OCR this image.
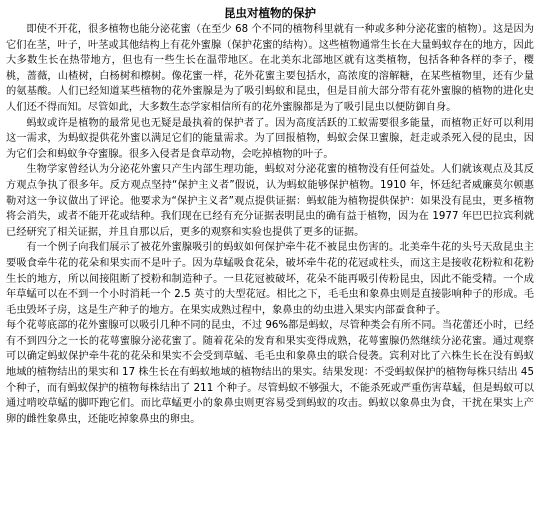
昆虫对植物的保护

即使不开花，很多植物也能分泌花蜜（在至少 68 个不同的植物科里就有一种或多种分泌花蜜的植物）。这是因为它们在茎，叶子，叶茎或其他结构上有花外蜜腺（保护花蜜的结构）。这些植物通常生长在大量蚂蚁存在的地方，因此大多数生长在热带地方，但也有一些生长在温带地区。在北美东北部地区就有这类植物，包括各种各样的李子，樱桃，蔷薇，山楂树，白杨树和檫树。像花蜜一样，花外花蜜主要包括水，高浓度的溶解糖，在某些植物里，还有少量的氨基酸。人们已经知道某些植物的花外蜜腺是为了吸引蚂蚁和昆虫，但是目前大部分带有花外蜜腺的植物的进化史人们还不得而知。尽管如此，大多数生态学家相信所有的花外蜜腺都是为了吸引昆虫以便防御自身。

蚂蚁或许是植物的最常见也无疑是最执着的保护者了。因为高度活跃的工蚁需要很多能量，而植物正好可以利用这一需求，为蚂蚁提供花外蜜以满足它们的能量需求。为了回报植物，蚂蚁会保卫蜜腺，赶走或杀死入侵的昆虫，因为它们会和蚂蚁争夺蜜腺。很多入侵者是食草动物，会吃掉植物的叶子。

生物学家曾经认为分泌花外蜜只产生内部生理功能，蚂蚁对分泌花蜜的植物没有任何益处。人们就该观点及其反方观点争执了很多年。反方观点坚持“保护主义者”假说，认为蚂蚁能够保护植物。1910 年，怀廷纪者威廉莫尔顿惠勒对这一争议做出了评论。他要求为“保护主义者”观点提供证据：蚂蚁能为植物提供保护：如果没有昆虫，更多植物将会消失，或者不能开花或结种。我们现在已经有充分证据表明昆虫的确有益于植物，因为在 1977 年巴巴拉宾利就已经研究了相关证据，并且自那以后，更多的观察和实验也提供了更多的证据。

有一个例子向我们展示了被花外蜜腺吸引的蚂蚁如何保护牵牛花不被昆虫伤害的。北美牵牛花的头号天敌昆虫主要吸食牵牛花的花朵和果实而不是叶子。因为草蜢吸食花朵，破坏牵牛花的花冠或柱头，而这主是接收花粉粒和花粉生长的地方，所以间接阻断了授粉和制造种子。一旦花冠被破坏，花朵不能再吸引传粉昆虫，因此不能受精。一个成年草蜢可以在不到一个小时消耗一个 2.5 英寸的大型花冠。相比之下，毛毛虫和象鼻虫则是直接影响种子的形成。毛毛虫毁坏子房，这是生产种子的地方。在果实成熟过程中，象鼻虫的幼虫进入果实内部蚕食种子。

每个花萼底部的花外蜜腺可以吸引几种不同的昆虫，不过 96%都是蚂蚁，尽管种类会有所不同。当花蕾还小时，已经有不到四分之一长的花萼蜜腺分泌花蜜了。随着花朵的发育和果实变得成熟，花萼蜜腺仍然继续分泌花蜜。通过观察可以确定蚂蚁保护牵牛花的花朵和果实不会受到草蜢、毛毛虫和象鼻虫的联合侵袭。宾利对比了六株生长在没有蚂蚁地域的植物结出的果实和 17 株生长在有蚂蚁地域的植物结出的果实。结果发现：不受蚂蚁保护的植物每株只结出 45 个种子，而有蚂蚁保护的植物每株结出了 211 个种子。尽管蚂蚁不够强大，不能杀死或严重伤害草蜢，但是蚂蚁可以通过啃咬草蜢的脚吓跑它们。而比草蜢更小的象鼻虫则更容易受到蚂蚁的攻击。蚂蚁以象鼻虫为食，干扰在果实上产卵的雌性象鼻虫，还能吃掉象鼻虫的卵虫。
